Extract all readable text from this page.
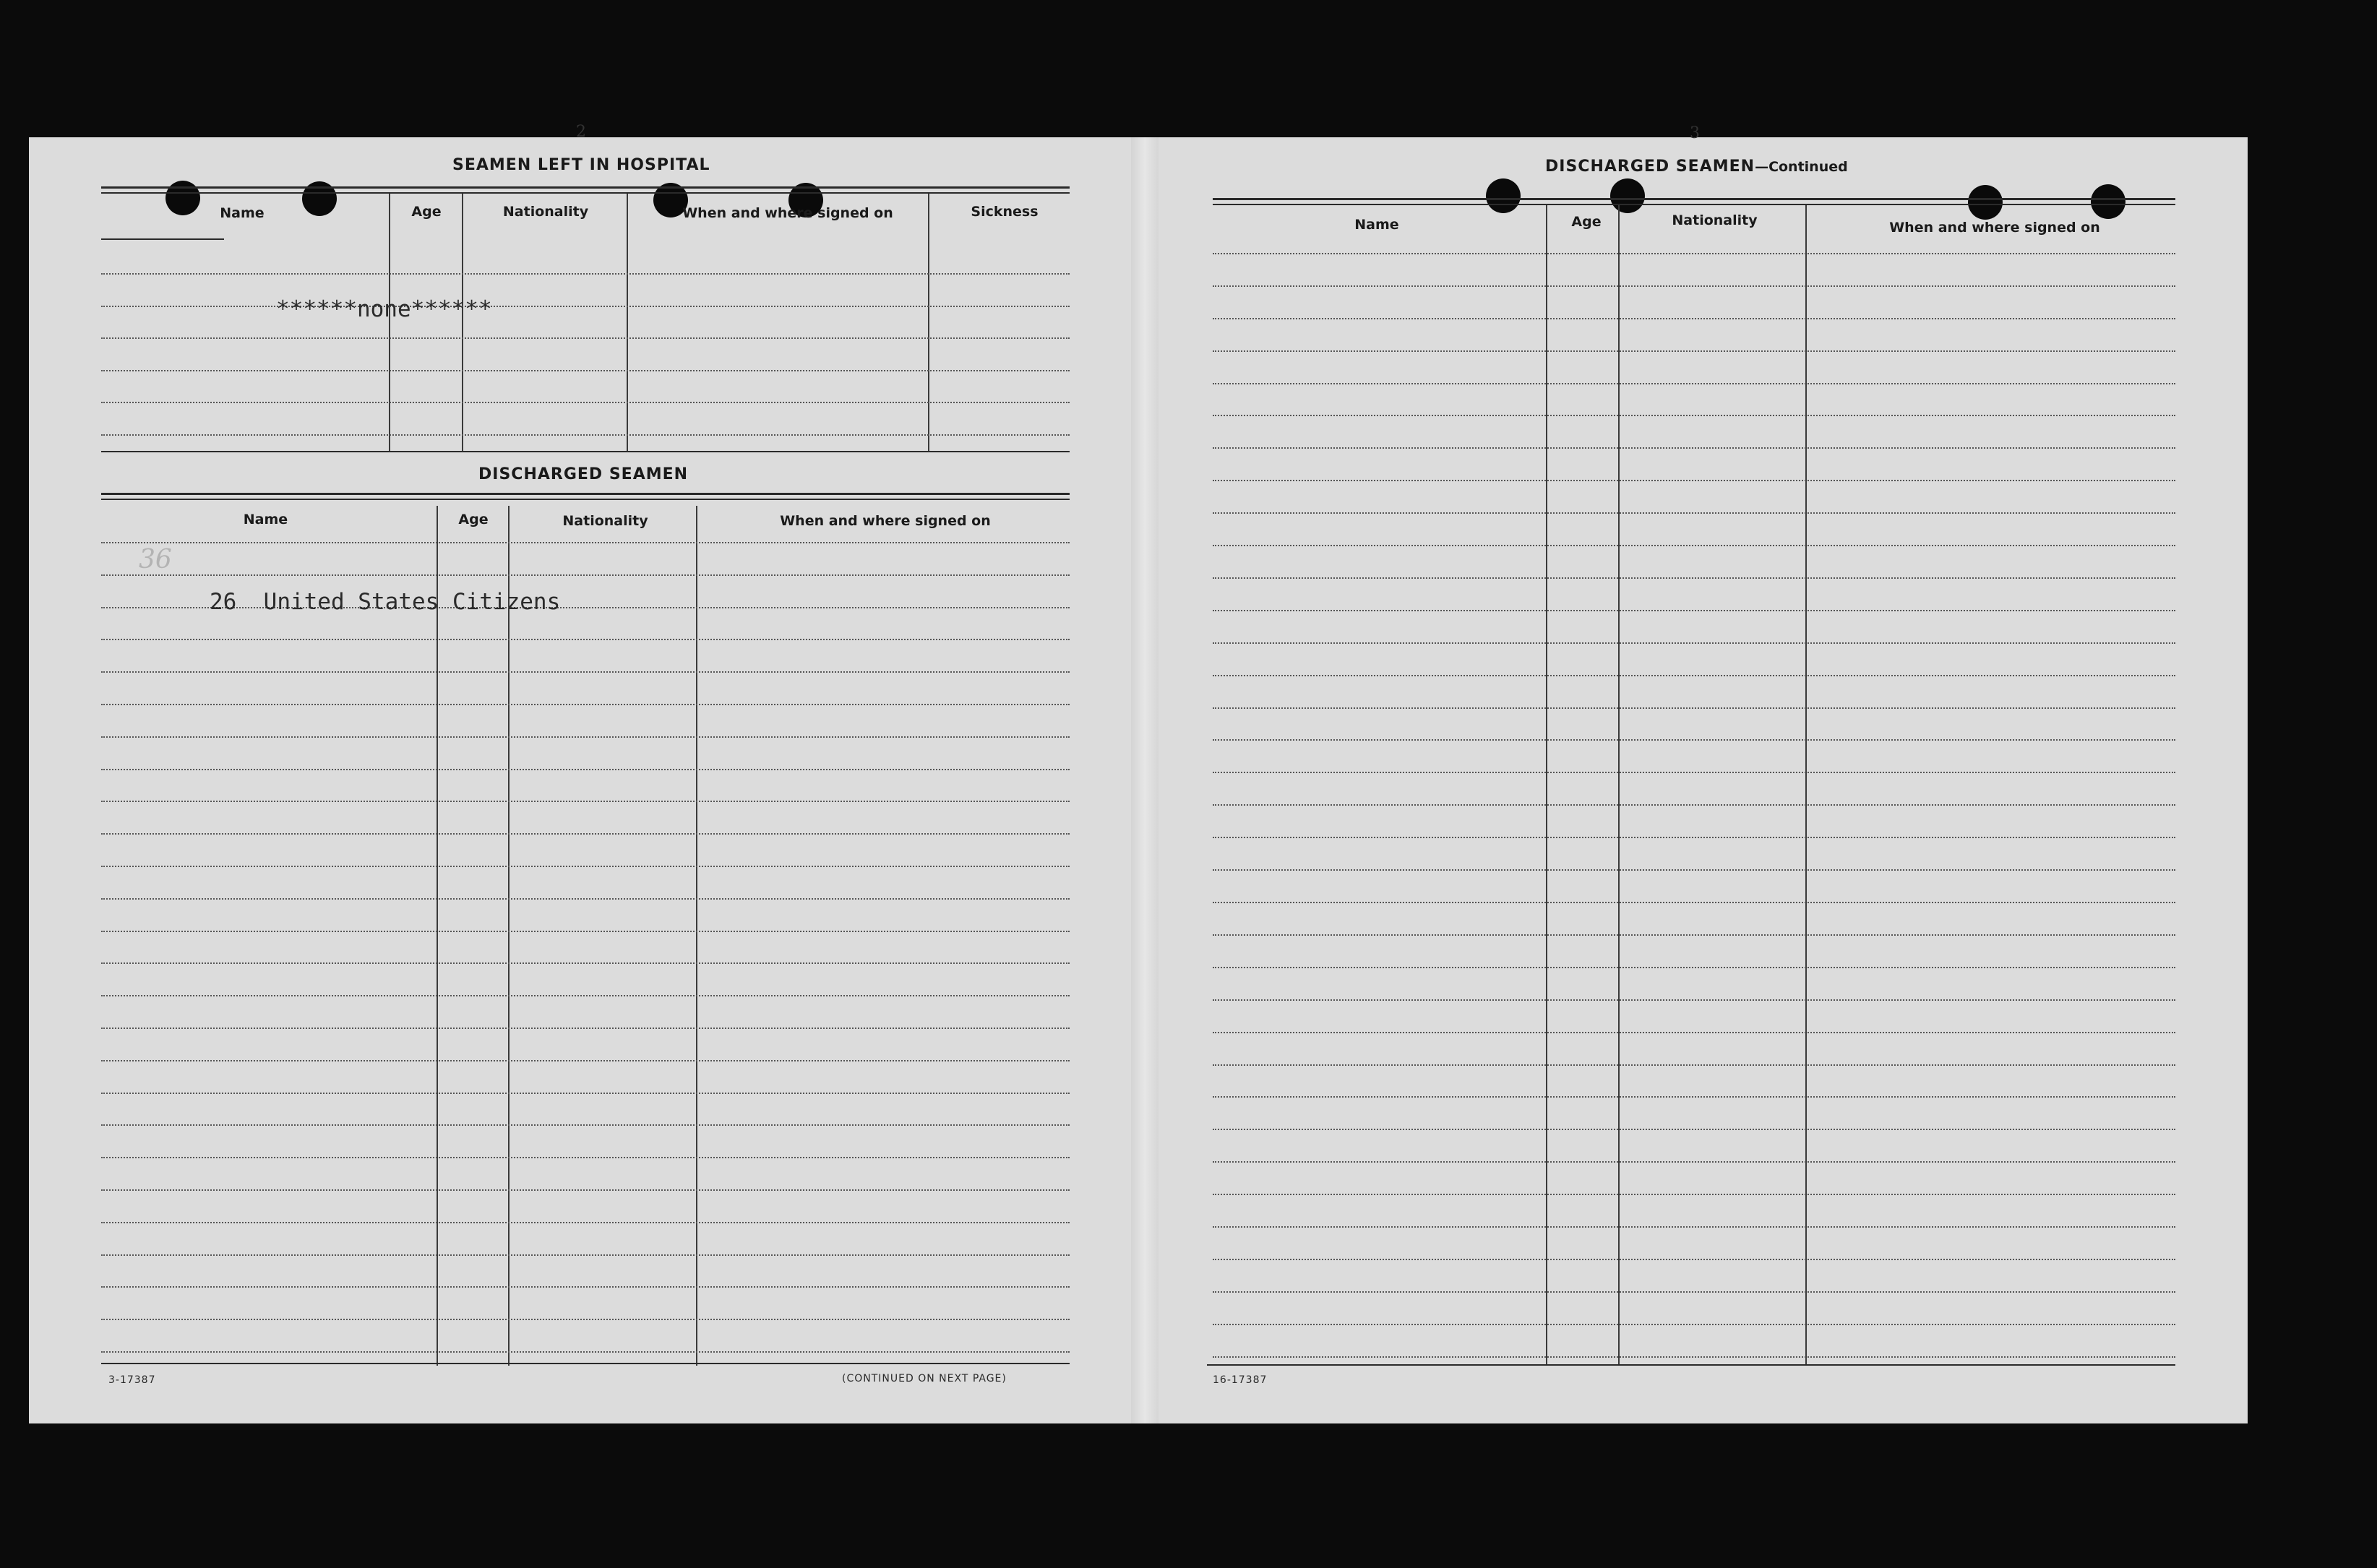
2
SEAMEN LEFT IN HOSPITAL
Name	Age	Nationality	When and where signed on	Sickness
******none******
DISCHARGED SEAMEN
Name	Age	Nationality	When and where signed on
36
26  United States Citizens
3-17387	(CONTINUED ON NEXT PAGE)
3
DISCHARGED SEAMEN—Continued
Name	Age	Nationality	When and where signed on
16-17387
